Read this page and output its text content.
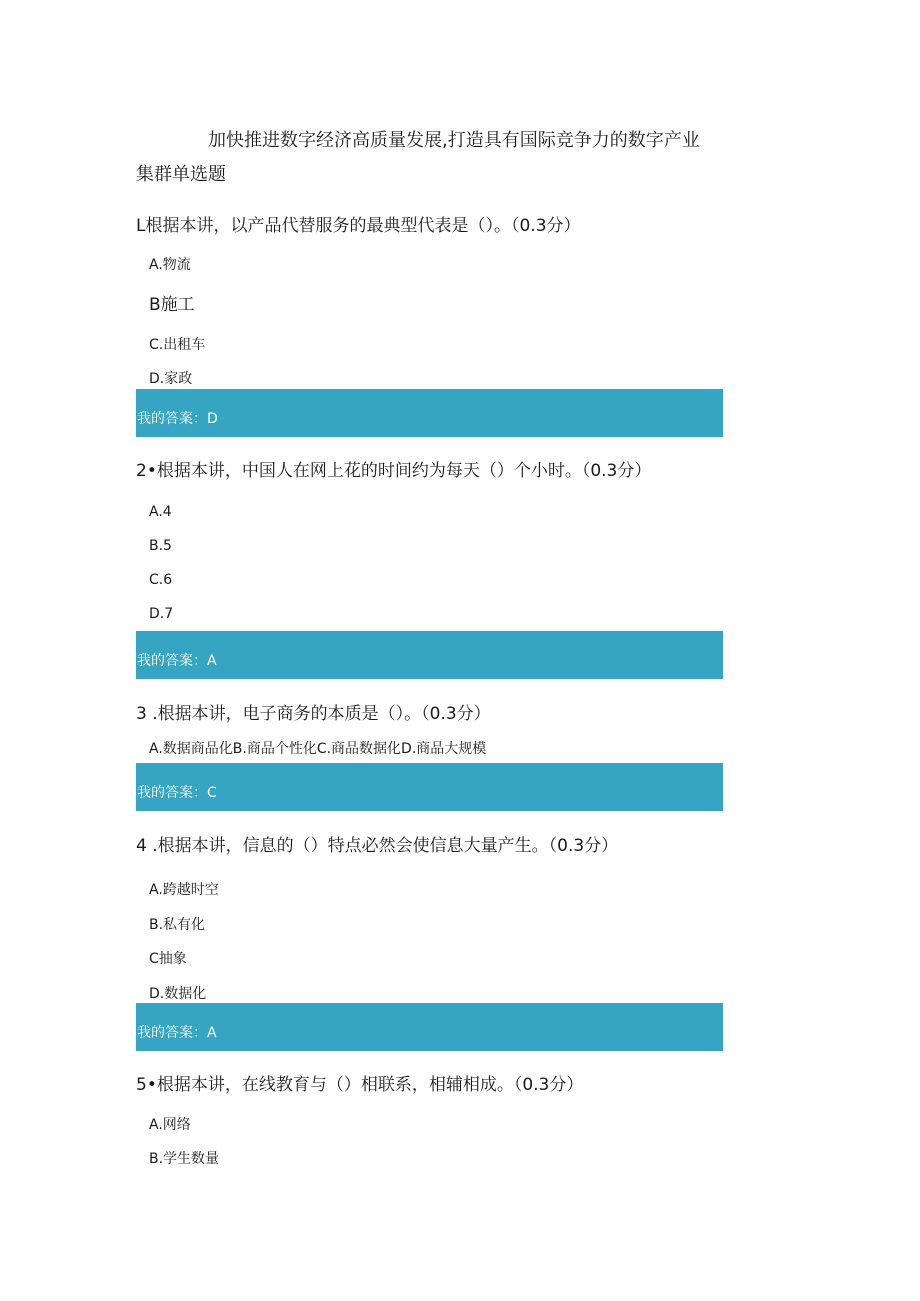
加快推进数字经济高质量发展,打造具有国际竞争力的数字产业
集群单选题
L根据本讲，以产品代替服务的最典型代表是（）。（0.3分）
A.物流
B施工
C.出租车
D.家政
我的答案：D
2•根据本讲，中国人在网上花的时间约为每天（）个小时。（0.3分）
A.4
B.5
C.6
D.7
我的答案：A
3 .根据本讲，电子商务的本质是（）。（0.3分）
A.数据商品化B.商品个性化C.商品数据化D.商品大规模
我的答案：C
4 .根据本讲，信息的（）特点必然会使信息大量产生。（0.3分）
A.跨越时空
B.私有化
C抽象
D.数据化
我的答案：A
5•根据本讲，在线教育与（）相联系，相辅相成。（0.3分）
A.网络
B.学生数量
